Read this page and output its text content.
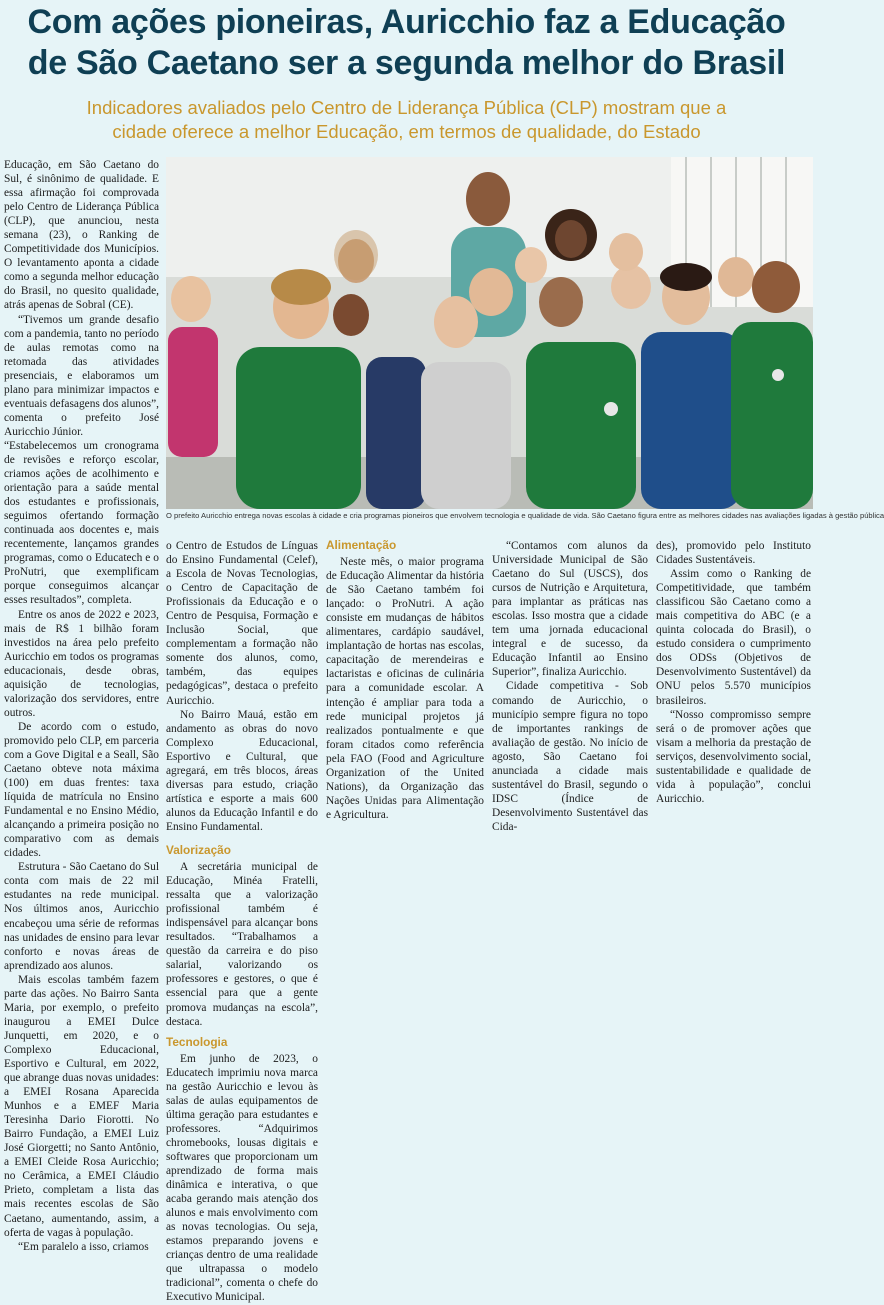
Com ações pioneiras, Auricchio faz a Educação
de São Caetano ser a segunda melhor do Brasil

Indicadores avaliados pelo Centro de Liderança Pública (CLP) mostram que a
cidade oferece a melhor Educação, em termos de qualidade, do Estado

Educação, em São Caetano do Sul, é sinônimo de qualidade. E essa afirmação foi comprovada pelo Centro de Liderança Pública (CLP), que anunciou, nesta semana (23), o Ranking de Competitividade dos Municípios. O levantamento aponta a cidade como a segunda melhor educação do Brasil, no quesito qualidade, atrás apenas de Sobral (CE).

“Tivemos um grande desafio com a pandemia, tanto no período de aulas remotas como na retomada das atividades presenciais, e elaboramos um plano para minimizar impactos e eventuais defasagens dos alunos”, comenta o prefeito José Auricchio Júnior.

“Estabelecemos um cronograma de revisões e reforço escolar, criamos ações de acolhimento e orientação para a saúde mental dos estudantes e profissionais, seguimos ofertando formação continuada aos docentes e, mais recentemente, lançamos grandes programas, como o Educatech e o ProNutri, que exemplificam porque conseguimos alcançar esses resultados”, completa.

Entre os anos de 2022 e 2023, mais de R$ 1 bilhão foram investidos na área pelo prefeito Auricchio em todos os programas educacionais, desde obras, aquisição de tecnologias, valorização dos servidores, entre outros.

De acordo com o estudo, promovido pelo CLP, em parceria com a Gove Digital e a Seall, São Caetano obteve nota máxima (100) em duas frentes: taxa líquida de matrícula no Ensino Fundamental e no Ensino Médio, alcançando a primeira posição no comparativo com as demais cidades.

Estrutura - São Caetano do Sul conta com mais de 22 mil estudantes na rede municipal. Nos últimos anos, Auricchio encabeçou uma série de reformas nas unidades de ensino para levar conforto e novas áreas de aprendizado aos alunos.

Mais escolas também fazem parte das ações. No Bairro Santa Maria, por exemplo, o prefeito inaugurou a EMEI Dulce Junquetti, em 2020, e o Complexo Educacional, Esportivo e Cultural, em 2022, que abrange duas novas unidades: a EMEI Rosana Aparecida Munhos e a EMEF Maria Teresinha Dario Fiorotti. No Bairro Fundação, a EMEI Luiz José Giorgetti; no Santo Antônio, a EMEI Cleide Rosa Auricchio; no Cerâmica, a EMEI Cláudio Prieto, completam a lista das mais recentes escolas de São Caetano, aumentando, assim, a oferta de vagas à população.

“Em paralelo a isso, criamos

O prefeito Auricchio entrega novas escolas à cidade e cria programas pioneiros que envolvem tecnologia e qualidade de vida. São Caetano figura entre as melhores cidades nas avaliações ligadas à gestão pública

o Centro de Estudos de Línguas do Ensino Fundamental (Celef), a Escola de Novas Tecnologias, o Centro de Capacitação de Profissionais da Educação e o Centro de Pesquisa, Formação e Inclusão Social, que complementam a formação não somente dos alunos, como, também, das equipes pedagógicas”, destaca o prefeito Auricchio.

No Bairro Mauá, estão em andamento as obras do novo Complexo Educacional, Esportivo e Cultural, que agregará, em três blocos, áreas diversas para estudo, criação artística e esporte a mais 600 alunos da Educação Infantil e do Ensino Fundamental.

Valorização

A secretária municipal de Educação, Minéa Fratelli, ressalta que a valorização profissional também é indispensável para alcançar bons resultados. “Trabalhamos a questão da carreira e do piso salarial, valorizando os professores e gestores, o que é essencial para que a gente promova mudanças na escola”, destaca.

Tecnologia

Em junho de 2023, o Educatech imprimiu nova marca na gestão Auricchio e levou às salas de aulas equipamentos de última geração para estudantes e professores. “Adquirimos chromebooks, lousas digitais e softwares que proporcionam um aprendizado de forma mais dinâmica e interativa, o que acaba gerando mais atenção dos alunos e mais envolvimento com as novas tecnologias. Ou seja, estamos preparando jovens e crianças dentro de uma realidade que ultrapassa o modelo tradicional”, comenta o chefe do Executivo Municipal.

Alimentação

Neste mês, o maior programa de Educação Alimentar da história de São Caetano também foi lançado: o ProNutri. A ação consiste em mudanças de hábitos alimentares, cardápio saudável, implantação de hortas nas escolas, capacitação de merendeiras e lactaristas e oficinas de culinária para a comunidade escolar. A intenção é ampliar para toda a rede municipal projetos já realizados pontualmente e que foram citados como referência pela FAO (Food and Agriculture Organization of the United Nations), da Organização das Nações Unidas para Alimentação e Agricultura.

“Contamos com alunos da Universidade Municipal de São Caetano do Sul (USCS), dos cursos de Nutrição e Arquitetura, para implantar as práticas nas escolas. Isso mostra que a cidade tem uma jornada educacional integral e de sucesso, da Educação Infantil ao Ensino Superior”, finaliza Auricchio.

Cidade competitiva - Sob comando de Auricchio, o município sempre figura no topo de importantes rankings de avaliação de gestão. No início de agosto, São Caetano foi anunciada a cidade mais sustentável do Brasil, segundo o IDSC (Índice de Desenvolvimento Sustentável das Cida-

des), promovido pelo Instituto Cidades Sustentáveis.

Assim como o Ranking de Competitividade, que também classificou São Caetano como a mais competitiva do ABC (e a quinta colocada do Brasil), o estudo considera o cumprimento dos ODSs (Objetivos de Desenvolvimento Sustentável) da ONU pelos 5.570 municípios brasileiros.

“Nosso compromisso sempre será o de promover ações que visam a melhoria da prestação de serviços, desenvolvimento social, sustentabilidade e qualidade de vida à população”, conclui Auricchio.
